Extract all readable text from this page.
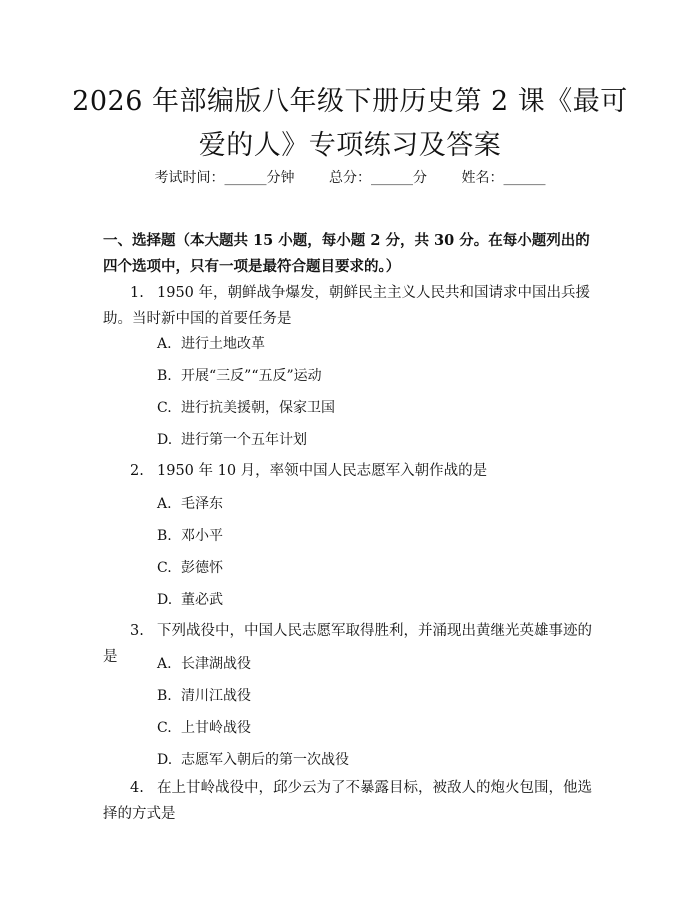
2026 年部编版八年级下册历史第 2 课《最可
爱的人》专项练习及答案
考试时间：______分钟 总分：______分 姓名：______
一、选择题（本大题共 15 小题，每小题 2 分，共 30 分。在每小题列出的四个选项中，只有一项是最符合题目要求的。）
1. 1950 年，朝鲜战争爆发，朝鲜民主主义人民共和国请求中国出兵援助。当时新中国的首要任务是
A. 进行土地改革
B. 开展“三反”“五反”运动
C. 进行抗美援朝，保家卫国
D. 进行第一个五年计划
2. 1950 年 10 月，率领中国人民志愿军入朝作战的是
A. 毛泽东
B. 邓小平
C. 彭德怀
D. 董必武
3. 下列战役中，中国人民志愿军取得胜利，并涌现出黄继光英雄事迹的是	A. 长津湖战役
B. 清川江战役
C. 上甘岭战役
D. 志愿军入朝后的第一次战役
4. 在上甘岭战役中，邱少云为了不暴露目标，被敌人的炮火包围，他选择的方式是
